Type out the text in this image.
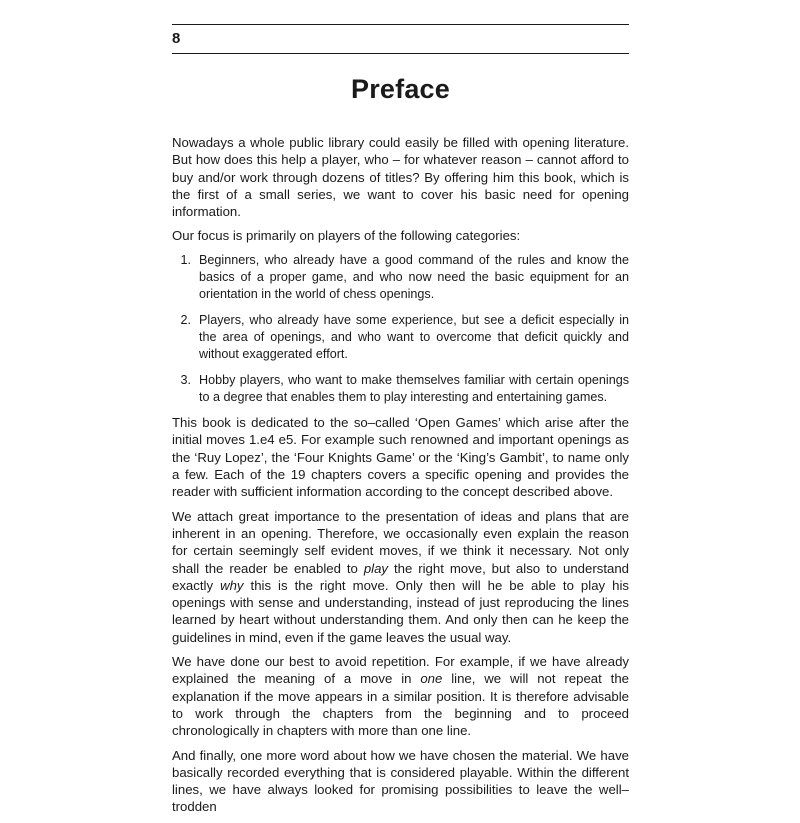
8
Preface

Nowadays a whole public library could easily be filled with opening literature. But how does this help a player, who – for whatever reason – cannot afford to buy and/or work through dozens of titles? By offering him this book, which is the first of a small series, we want to cover his basic need for opening information.

Our focus is primarily on players of the following categories:

1. Beginners, who already have a good command of the rules and know the basics of a proper game, and who now need the basic equipment for an orientation in the world of chess openings.
2. Players, who already have some experience, but see a deficit especially in the area of openings, and who want to overcome that deficit quickly and without exaggerated effort.
3. Hobby players, who want to make themselves familiar with certain openings to a degree that enables them to play interesting and entertaining games.

This book is dedicated to the so–called ‘Open Games’ which arise after the initial moves 1.e4 e5. For example such renowned and important openings as the ‘Ruy Lopez’, the ‘Four Knights Game’ or the ‘King’s Gambit’, to name only a few. Each of the 19 chapters covers a specific opening and provides the reader with sufficient information according to the concept described above.

We attach great importance to the presentation of ideas and plans that are inherent in an opening. Therefore, we occasionally even explain the reason for certain seemingly self evident moves, if we think it necessary. Not only shall the reader be enabled to play the right move, but also to understand exactly why this is the right move. Only then will he be able to play his openings with sense and understanding, instead of just reproducing the lines learned by heart without understanding them. And only then can he keep the guidelines in mind, even if the game leaves the usual way.

We have done our best to avoid repetition. For example, if we have already explained the meaning of a move in one line, we will not repeat the explanation if the move appears in a similar position. It is therefore advisable to work through the chapters from the beginning and to proceed chronologically in chapters with more than one line.

And finally, one more word about how we have chosen the material. We have basically recorded everything that is considered playable. Within the different lines, we have always looked for promising possibilities to leave the well–trodden
